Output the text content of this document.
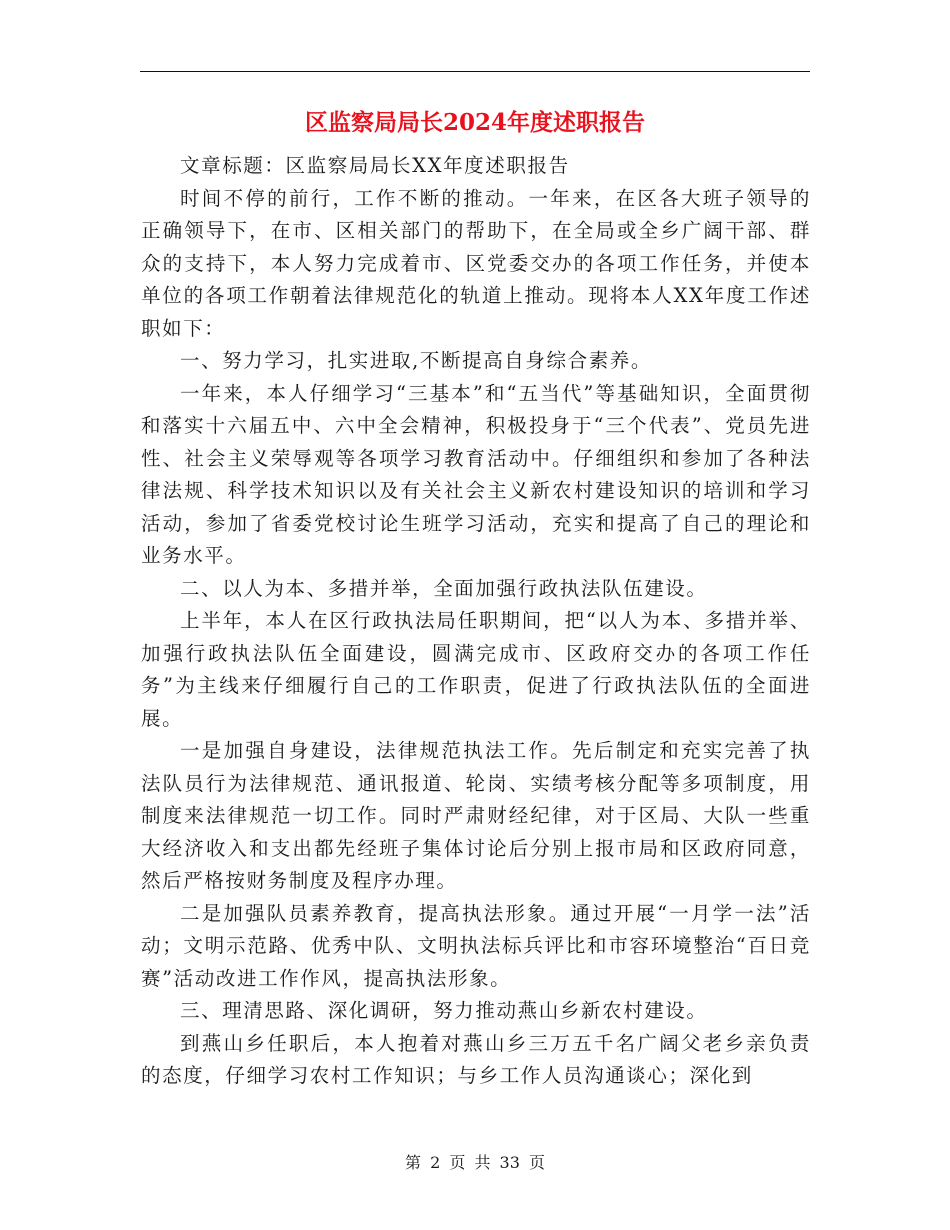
区监察局局长2024年度述职报告

文章标题：区监察局局长XX年度述职报告

时间不停的前行，工作不断的推动。一年来，在区各大班子领导的正确领导下，在市、区相关部门的帮助下，在全局或全乡广阔干部、群众的支持下，本人努力完成着市、区党委交办的各项工作任务，并使本单位的各项工作朝着法律规范化的轨道上推动。现将本人XX年度工作述职如下：

一、努力学习，扎实进取,不断提高自身综合素养。

一年来，本人仔细学习“三基本”和“五当代”等基础知识，全面贯彻和落实十六届五中、六中全会精神，积极投身于“三个代表”、党员先进性、社会主义荣辱观等各项学习教育活动中。仔细组织和参加了各种法律法规、科学技术知识以及有关社会主义新农村建设知识的培训和学习活动，参加了省委党校讨论生班学习活动，充实和提高了自己的理论和业务水平。

二、以人为本、多措并举，全面加强行政执法队伍建设。

上半年，本人在区行政执法局任职期间，把“以人为本、多措并举、加强行政执法队伍全面建设，圆满完成市、区政府交办的各项工作任务”为主线来仔细履行自己的工作职责，促进了行政执法队伍的全面进展。

一是加强自身建设，法律规范执法工作。先后制定和充实完善了执法队员行为法律规范、通讯报道、轮岗、实绩考核分配等多项制度，用制度来法律规范一切工作。同时严肃财经纪律，对于区局、大队一些重大经济收入和支出都先经班子集体讨论后分别上报市局和区政府同意，然后严格按财务制度及程序办理。

二是加强队员素养教育，提高执法形象。通过开展“一月学一法”活动；文明示范路、优秀中队、文明执法标兵评比和市容环境整治“百日竞赛”活动改进工作作风，提高执法形象。

三、理清思路、深化调研，努力推动燕山乡新农村建设。

到燕山乡任职后，本人抱着对燕山乡三万五千名广阔父老乡亲负责的态度，仔细学习农村工作知识；与乡工作人员沟通谈心；深化到

第 2 页 共 33 页
